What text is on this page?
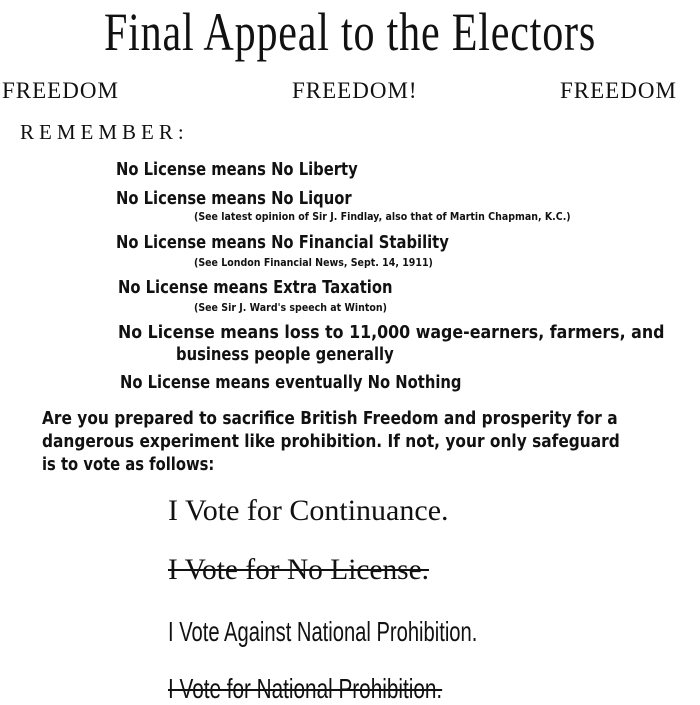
Final Appeal to the Electors
FREEDOM	FREEDOM!	FREEDOM
REMEMBER:
No License means No Liberty
No License means No Liquor
(See latest opinion of Sir J. Findlay, also that of Martin Chapman, K.C.)
No License means No Financial Stability
(See London Financial News, Sept. 14, 1911)
No License means Extra Taxation
(See Sir J. Ward's speech at Winton)
No License means loss to 11,000 wage-earners, farmers, and
business people generally
No License means eventually No Nothing
Are you prepared to sacrifice British Freedom and prosperity for a
dangerous experiment like prohibition. If not, your only safeguard
is to vote as follows:
I Vote for Continuance.
I Vote for No License.
I Vote Against National Prohibition.
I Vote for National Prohibition.
